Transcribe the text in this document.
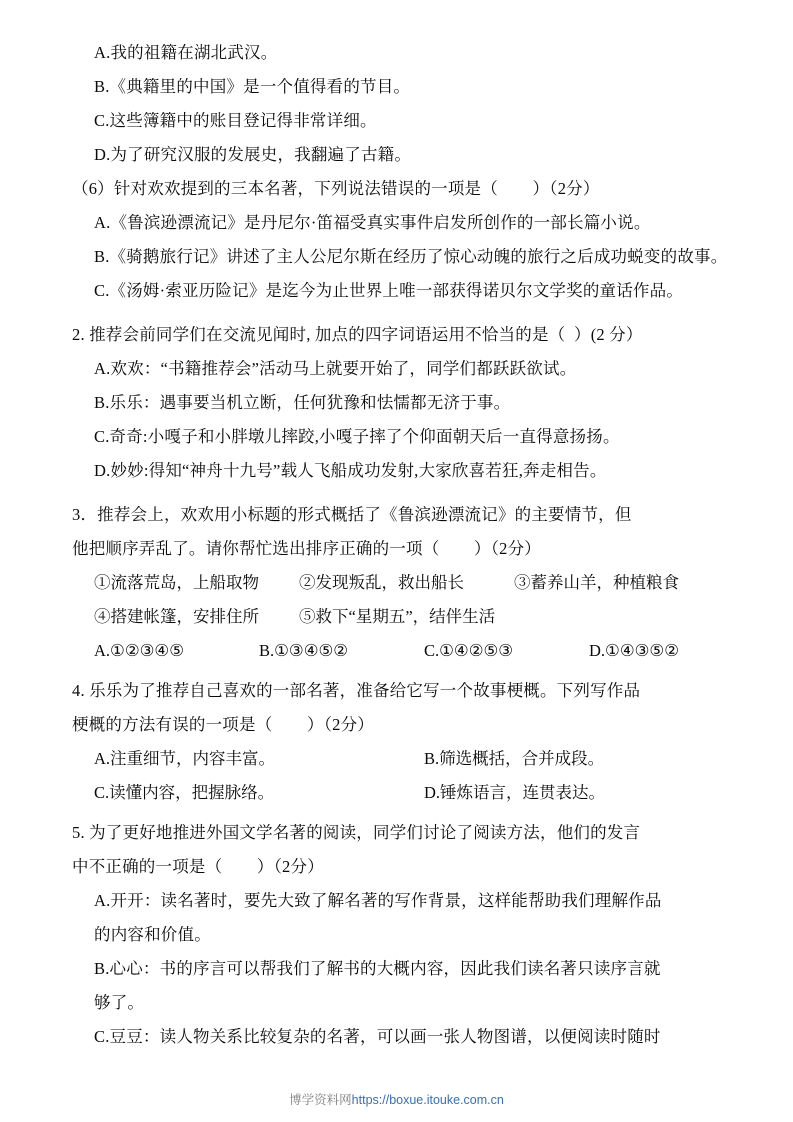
A.我的祖籍在湖北武汉。
B.《典籍里的中国》是一个值得看的节目。
C.这些簿籍中的账目登记得非常详细。
D.为了研究汉服的发展史，我翻遍了古籍。
（6）针对欢欢提到的三本名著，下列说法错误的一项是（        ）（2分）
A.《鲁滨逊漂流记》是丹尼尔·笛福受真实事件启发所创作的一部长篇小说。
B.《骑鹅旅行记》讲述了主人公尼尔斯在经历了惊心动魄的旅行之后成功蜕变的故事。
C.《汤姆·索亚历险记》是迄今为止世界上唯一部获得诺贝尔文学奖的童话作品。
2. 推荐会前同学们在交流见闻时, 加点的四字词语运用不恰当的是（  ）(2 分）
A.欢欢：“书籍推荐会”活动马上就要开始了，同学们都跃跃欲试。
B.乐乐：遇事要当机立断，任何犹豫和怯懦都无济于事。
C.奇奇:小嘎子和小胖墩儿摔跤,小嘎子摔了个仰面朝天后一直得意扬扬。
D.妙妙:得知“神舟十九号”载人飞船成功发射,大家欣喜若狂,奔走相告。
3．推荐会上，欢欢用小标题的形式概括了《鲁滨逊漂流记》的主要情节，但
他把顺序弄乱了。请你帮忙选出排序正确的一项（        ）（2分）
①流落荒岛，上船取物	②发现叛乱，救出船长	③蓄养山羊，种植粮食
④搭建帐篷，安排住所	⑤救下“星期五”，结伴生活
A.①②③④⑤	B.①③④⑤②	C.①④②⑤③	D.①④③⑤②
4. 乐乐为了推荐自己喜欢的一部名著，准备给它写一个故事梗概。下列写作品
梗概的方法有误的一项是（        ）（2分）
A.注重细节，内容丰富。	B.筛选概括，合并成段。
C.读懂内容，把握脉络。	D.锤炼语言，连贯表达。
5. 为了更好地推进外国文学名著的阅读，同学们讨论了阅读方法，他们的发言
中不正确的一项是（        ）（2分）
A.开开：读名著时，要先大致了解名著的写作背景，这样能帮助我们理解作品
的内容和价值。
B.心心：书的序言可以帮我们了解书的大概内容，因此我们读名著只读序言就
够了。
C.豆豆：读人物关系比较复杂的名著，可以画一张人物图谱，以便阅读时随时
博学资料网https://boxue.itouke.com.cn
